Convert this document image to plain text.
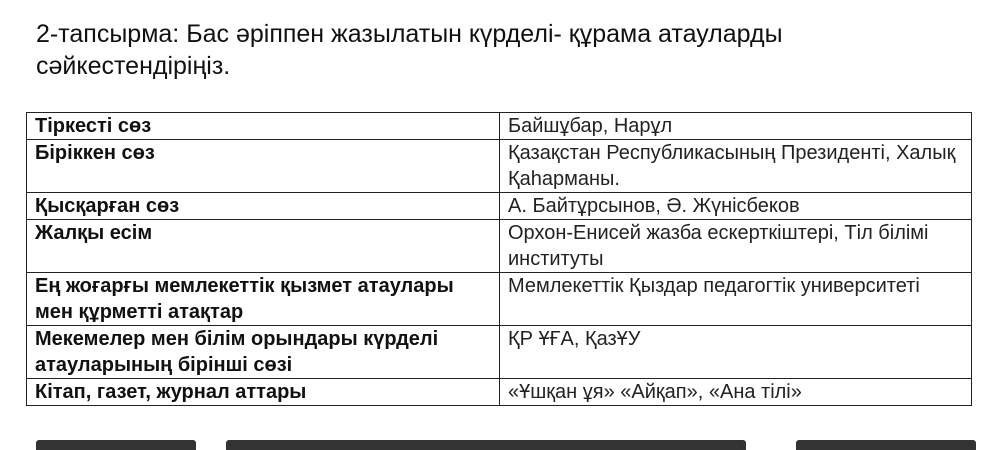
2-тапсырма: Бас әріппен жазылатын күрделі- құрама атауларды сәйкестендіріңіз.
Тіркесті сөз	Байшұбар, Нарұл
Біріккен сөз	Қазақстан Республикасының Президенті, Халық Қаһарманы.
Қысқарған сөз	А. Байтұрсынов, Ә. Жүнісбеков
Жалқы есім	Орхон-Енисей жазба ескерткіштері, Тіл білімі институты
Ең жоғарғы мемлекеттік қызмет атаулары мен құрметті атақтар	Мемлекеттік Қыздар педагогтік университеті
Мекемелер мен білім орындары күрделі атауларының бірінші сөзі	ҚР ҰҒА, ҚазҰУ
Кітап, газет, журнал аттары	«Ұшқан ұя» «Айқап», «Ана тілі»
